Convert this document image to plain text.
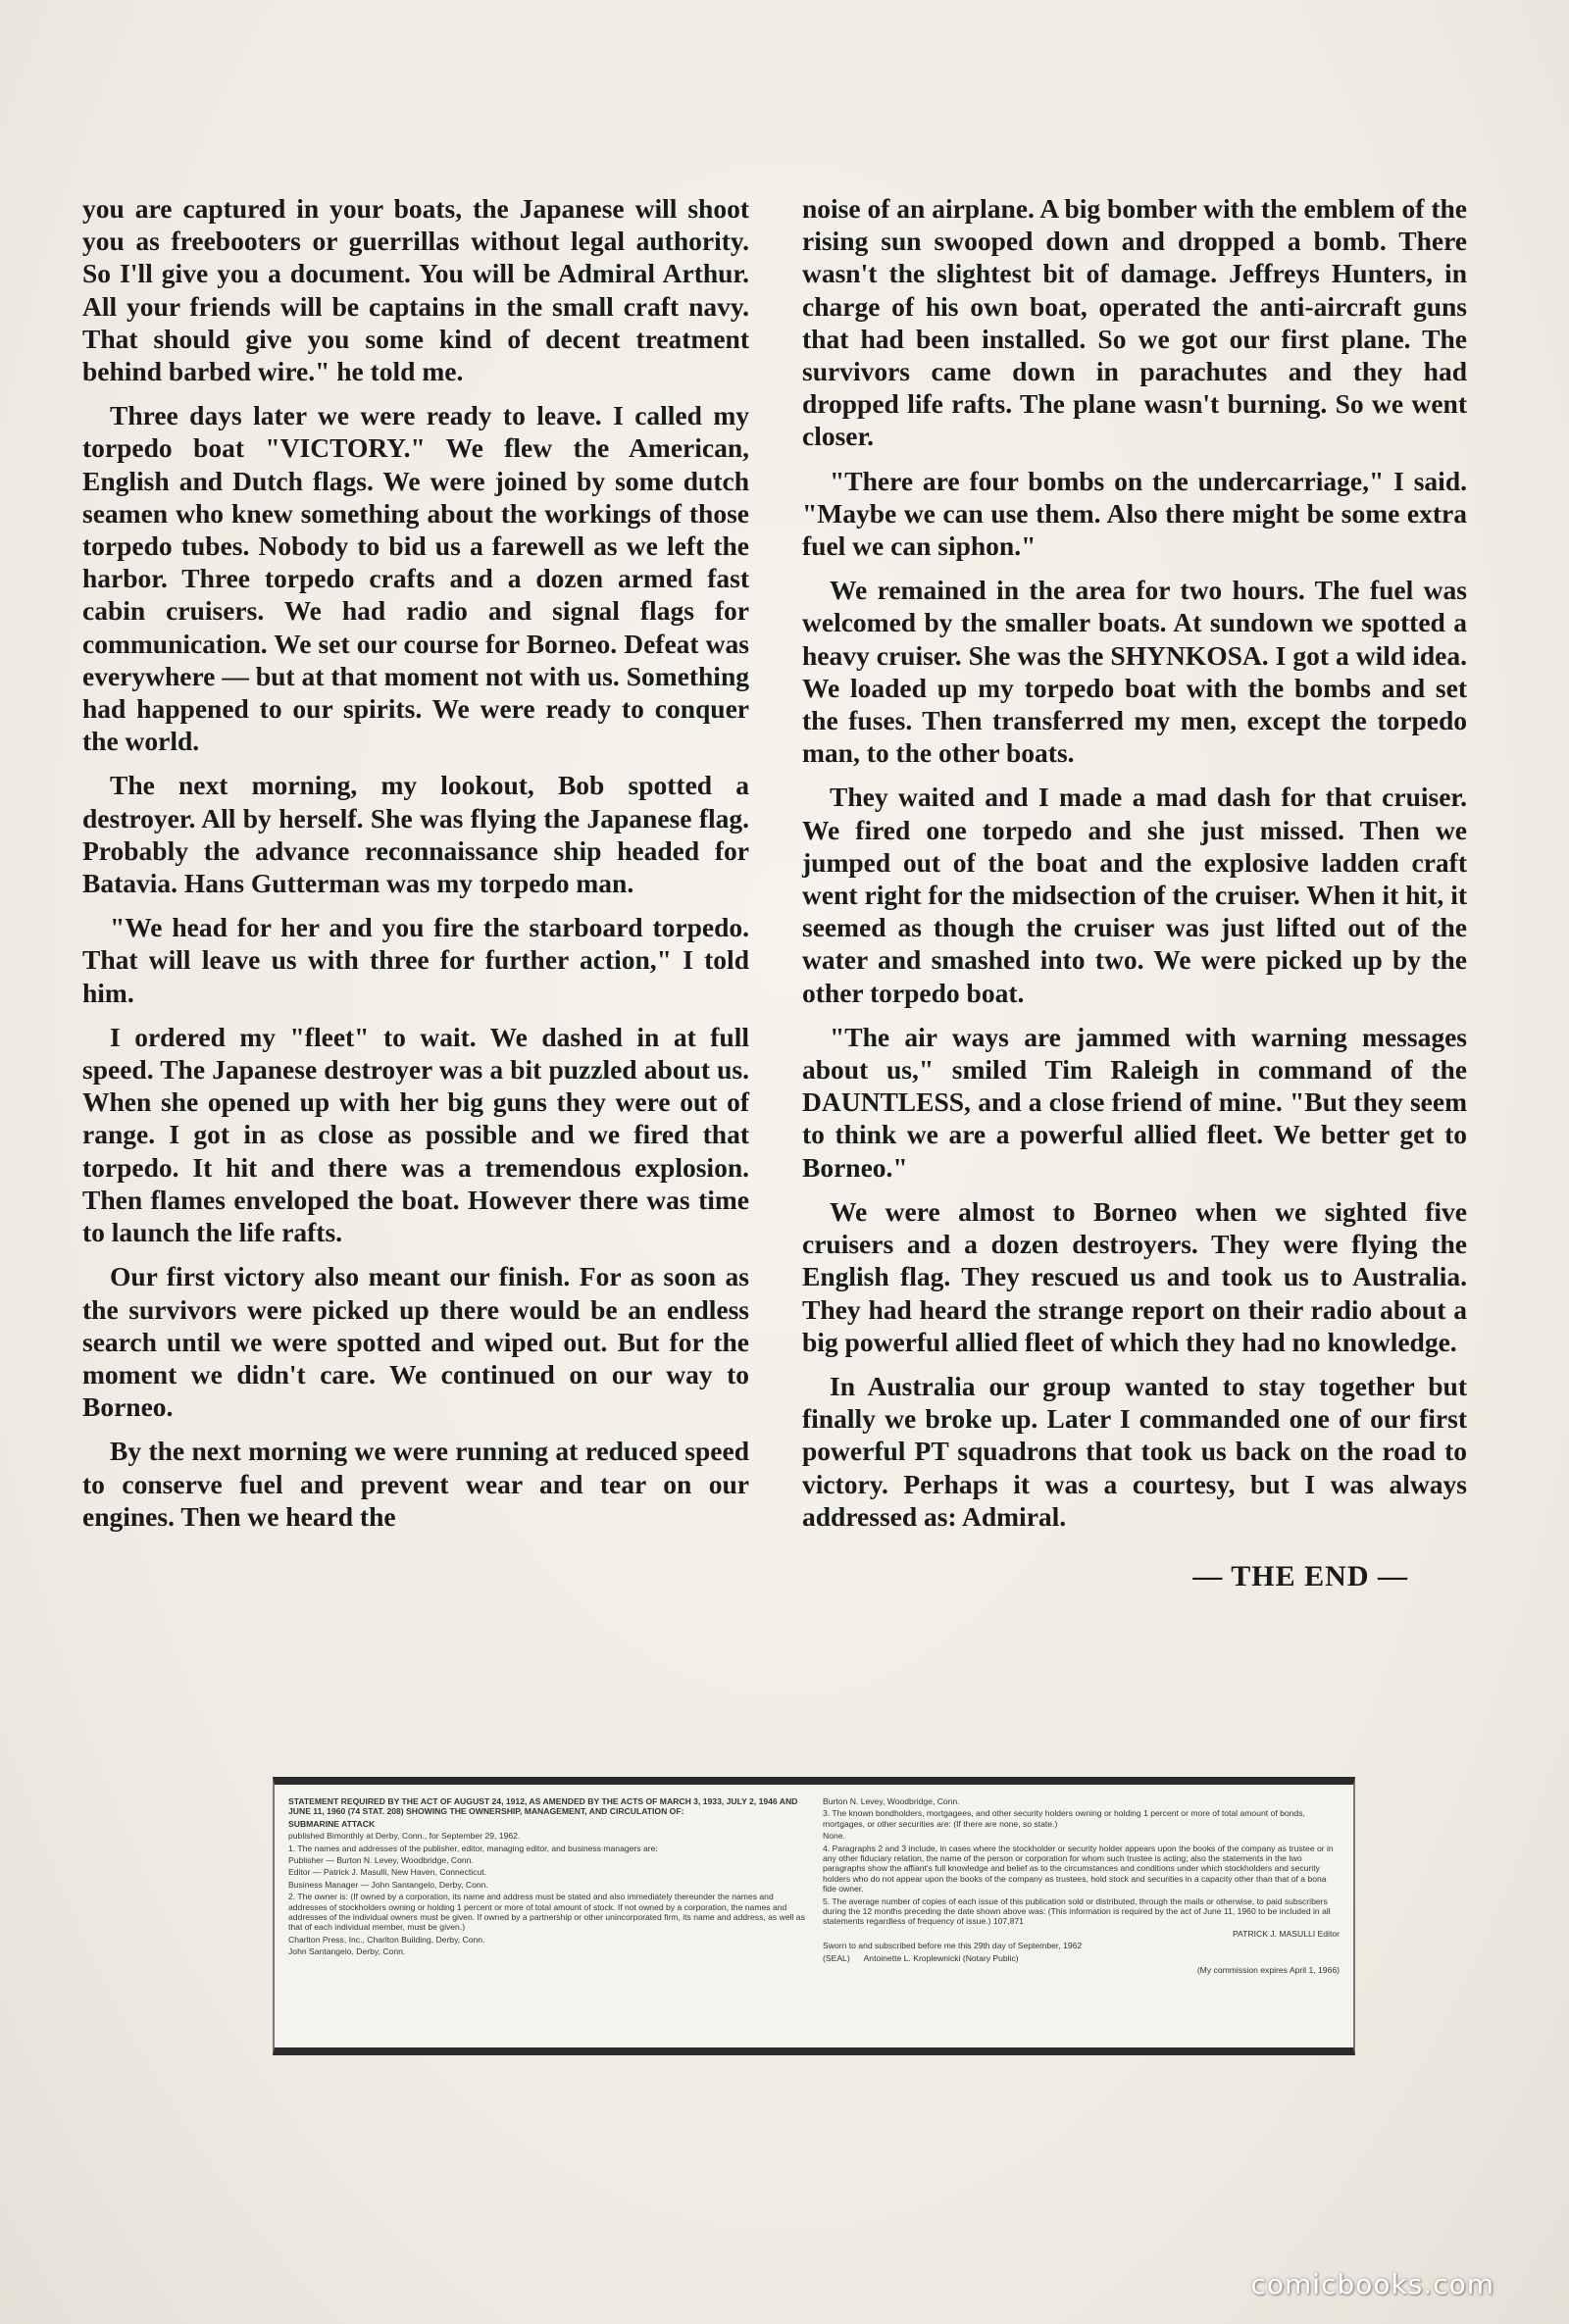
you are captured in your boats, the Japanese will shoot you as freebooters or guerrillas without legal authority. So I'll give you a document. You will be Admiral Arthur. All your friends will be captains in the small craft navy. That should give you some kind of decent treatment behind barbed wire." he told me.

Three days later we were ready to leave. I called my torpedo boat "VICTORY." We flew the American, English and Dutch flags. We were joined by some dutch seamen who knew something about the workings of those torpedo tubes. Nobody to bid us a farewell as we left the harbor. Three torpedo crafts and a dozen armed fast cabin cruisers. We had radio and signal flags for communication. We set our course for Borneo. Defeat was everywhere — but at that moment not with us. Something had happened to our spirits. We were ready to conquer the world.

The next morning, my lookout, Bob spotted a destroyer. All by herself. She was flying the Japanese flag. Probably the advance reconnaissance ship headed for Batavia. Hans Gutterman was my torpedo man.

"We head for her and you fire the starboard torpedo. That will leave us with three for further action," I told him.

I ordered my "fleet" to wait. We dashed in at full speed. The Japanese destroyer was a bit puzzled about us. When she opened up with her big guns they were out of range. I got in as close as possible and we fired that torpedo. It hit and there was a tremendous explosion. Then flames enveloped the boat. However there was time to launch the life rafts.

Our first victory also meant our finish. For as soon as the survivors were picked up there would be an endless search until we were spotted and wiped out. But for the moment we didn't care. We continued on our way to Borneo.

By the next morning we were running at reduced speed to conserve fuel and prevent wear and tear on our engines. Then we heard the

noise of an airplane. A big bomber with the emblem of the rising sun swooped down and dropped a bomb. There wasn't the slightest bit of damage. Jeffreys Hunters, in charge of his own boat, operated the anti-aircraft guns that had been installed. So we got our first plane. The survivors came down in parachutes and they had dropped life rafts. The plane wasn't burning. So we went closer.

"There are four bombs on the undercarriage," I said. "Maybe we can use them. Also there might be some extra fuel we can siphon."

We remained in the area for two hours. The fuel was welcomed by the smaller boats. At sundown we spotted a heavy cruiser. She was the SHYNKOSA. I got a wild idea. We loaded up my torpedo boat with the bombs and set the fuses. Then transferred my men, except the torpedo man, to the other boats.

They waited and I made a mad dash for that cruiser. We fired one torpedo and she just missed. Then we jumped out of the boat and the explosive ladden craft went right for the midsection of the cruiser. When it hit, it seemed as though the cruiser was just lifted out of the water and smashed into two. We were picked up by the other torpedo boat.

"The air ways are jammed with warning messages about us," smiled Tim Raleigh in command of the DAUNTLESS, and a close friend of mine. "But they seem to think we are a powerful allied fleet. We better get to Borneo."

We were almost to Borneo when we sighted five cruisers and a dozen destroyers. They were flying the English flag. They rescued us and took us to Australia. They had heard the strange report on their radio about a big powerful allied fleet of which they had no knowledge.

In Australia our group wanted to stay together but finally we broke up. Later I commanded one of our first powerful PT squadrons that took us back on the road to victory. Perhaps it was a courtesy, but I was always addressed as: Admiral.

— THE END —

STATEMENT REQUIRED BY THE ACT OF AUGUST 24, 1912, AS AMENDED BY THE ACTS OF MARCH 3, 1933, JULY 2, 1946 AND JUNE 11, 1960 (74 STAT. 208) SHOWING THE OWNERSHIP, MANAGEMENT, AND CIRCULATION OF:

SUBMARINE ATTACK

published Bimonthly at Derby, Conn., for September 29, 1962.

1. The names and addresses of the publisher, editor, managing editor, and business managers are:

Publisher — Burton N. Levey, Woodbridge, Conn.

Editor — Patrick J. Masulli, New Haven, Connecticut.

Business Manager — John Santangelo, Derby, Conn.

2. The owner is: (If owned by a corporation, its name and address must be stated and also immediately thereunder the names and addresses of stockholders owning or holding 1 percent or more of total amount of stock. If not owned by a corporation, the names and addresses of the individual owners must be given. If owned by a partnership or other unincorporated firm, its name and address, as well as that of each individual member, must be given.)

Charlton Press, Inc., Charlton Building, Derby, Conn.

John Santangelo, Derby, Conn.

Burton N. Levey, Woodbridge, Conn.

3. The known bondholders, mortgagees, and other security holders owning or holding 1 percent or more of total amount of bonds, mortgages, or other securities are: (If there are none, so state.)

None.

4. Paragraphs 2 and 3 include, in cases where the stockholder or security holder appears upon the books of the company as trustee or in any other fiduciary relation, the name of the person or corporation for whom such trustee is acting; also the statements in the two paragraphs show the affiant's full knowledge and belief as to the circumstances and conditions under which stockholders and security holders who do not appear upon the books of the company as trustees, hold stock and securities in a capacity other than that of a bona fide owner.

5. The average number of copies of each issue of this publication sold or distributed, through the mails or otherwise, to paid subscribers during the 12 months preceding the date shown above was: (This information is required by the act of June 11, 1960 to be included in all statements regardless of frequency of issue.) 107,871

PATRICK J. MASULLI Editor

Sworn to and subscribed before me this 29th day of September, 1962

(SEAL) Antoinette L. Kroplewnicki (Notary Public)

(My commission expires April 1, 1966)

comicbooks.com
